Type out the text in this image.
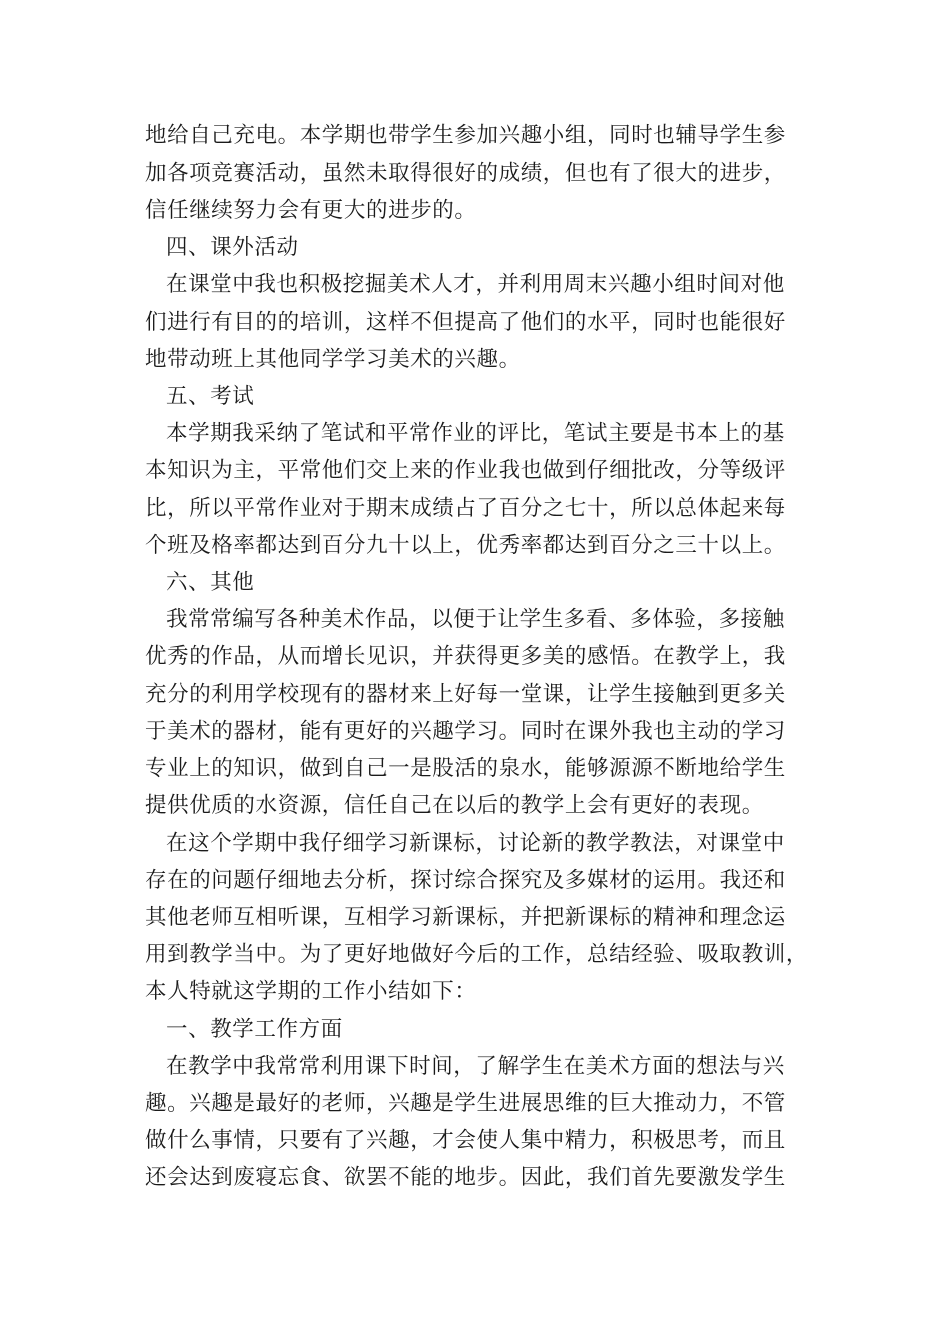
地给自己充电。本学期也带学生参加兴趣小组，同时也辅导学生参
加各项竞赛活动，虽然未取得很好的成绩，但也有了很大的进步，
信任继续努力会有更大的进步的。
四、课外活动
在课堂中我也积极挖掘美术人才，并利用周末兴趣小组时间对他
们进行有目的的培训，这样不但提高了他们的水平，同时也能很好
地带动班上其他同学学习美术的兴趣。
五、考试
本学期我采纳了笔试和平常作业的评比，笔试主要是书本上的基
本知识为主，平常他们交上来的作业我也做到仔细批改，分等级评
比，所以平常作业对于期末成绩占了百分之七十，所以总体起来每
个班及格率都达到百分九十以上，优秀率都达到百分之三十以上。
六、其他
我常常编写各种美术作品，以便于让学生多看、多体验，多接触
优秀的作品，从而增长见识，并获得更多美的感悟。在教学上，我
充分的利用学校现有的器材来上好每一堂课，让学生接触到更多关
于美术的器材，能有更好的兴趣学习。同时在课外我也主动的学习
专业上的知识，做到自己一是股活的泉水，能够源源不断地给学生
提供优质的水资源，信任自己在以后的教学上会有更好的表现。
在这个学期中我仔细学习新课标，讨论新的教学教法，对课堂中
存在的问题仔细地去分析，探讨综合探究及多媒材的运用。我还和
其他老师互相听课，互相学习新课标，并把新课标的精神和理念运
用到教学当中。为了更好地做好今后的工作，总结经验、吸取教训，
本人特就这学期的工作小结如下：
一、教学工作方面
在教学中我常常利用课下时间，了解学生在美术方面的想法与兴
趣。兴趣是最好的老师，兴趣是学生进展思维的巨大推动力，不管
做什么事情，只要有了兴趣，才会使人集中精力，积极思考，而且
还会达到废寝忘食、欲罢不能的地步。因此，我们首先要激发学生
